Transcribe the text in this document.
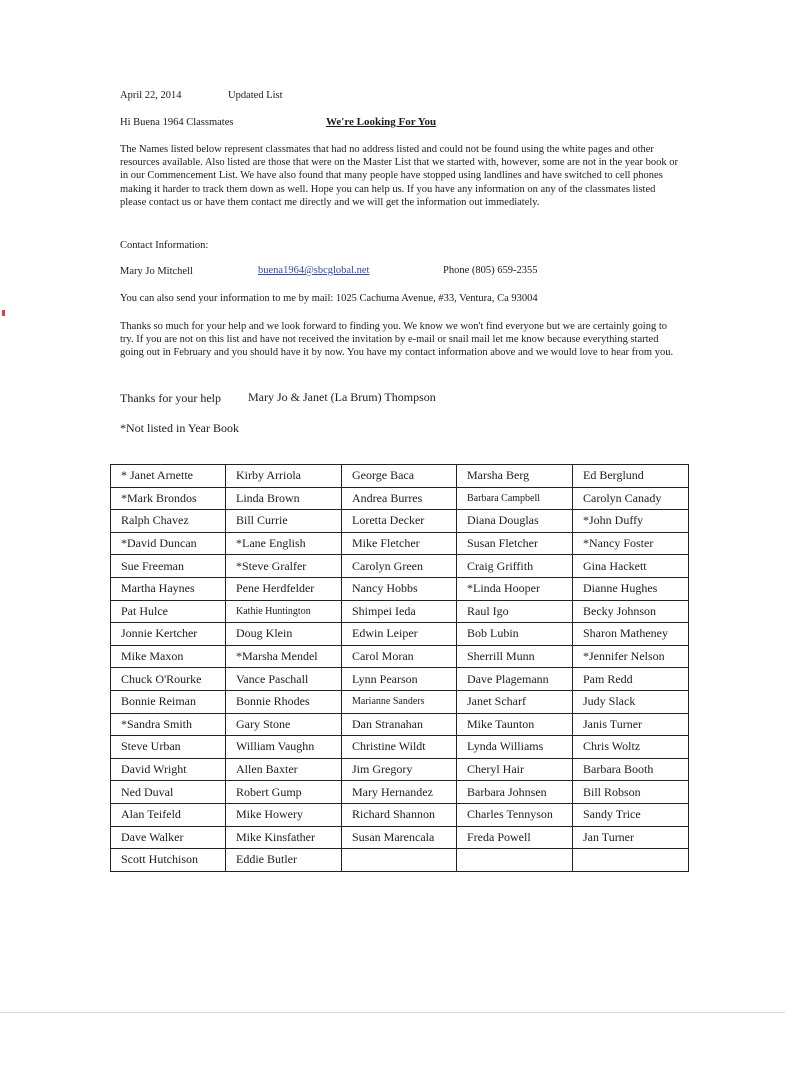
April 22, 2014	Updated List
Hi Buena 1964 Classmates	We're Looking For You
The Names listed below represent classmates that had no address listed and could not be found using the white pages and other resources available. Also listed are those that were on the Master List that we started with, however, some are not in the year book or in our Commencement List. We have also found that many people have stopped using landlines and have switched to cell phones making it harder to track them down as well. Hope you can help us. If you have any information on any of the classmates listed please contact us or have them contact me directly and we will get the information out immediately.
Contact Information:
Mary Jo Mitchell	buena1964@sbcglobal.net	Phone (805) 659-2355
You can also send your information to me by mail: 1025 Cachuma Avenue, #33, Ventura, Ca 93004
Thanks so much for your help and we look forward to finding you. We know we won't find everyone but we are certainly going to try. If you are not on this list and have not received the invitation by e-mail or snail mail let me know because everything started going out in February and you should have it by now. You have my contact information above and we would love to hear from you.
Thanks for your help Mary Jo & Janet (La Brum) Thompson
*Not listed in Year Book
* Janet Arnette	Kirby Arriola	George Baca	Marsha Berg	Ed Berglund
*Mark Brondos	Linda Brown	Andrea Burres	Barbara Campbell	Carolyn Canady
Ralph Chavez	Bill Currie	Loretta Decker	Diana Douglas	*John Duffy
*David Duncan	*Lane English	Mike Fletcher	Susan Fletcher	*Nancy Foster
Sue Freeman	*Steve Gralfer	Carolyn Green	Craig Griffith	Gina Hackett
Martha Haynes	Pene Herdfelder	Nancy Hobbs	*Linda Hooper	Dianne Hughes
Pat Hulce	Kathie Huntington	Shimpei Ieda	Raul Igo	Becky Johnson
Jonnie Kertcher	Doug Klein	Edwin Leiper	Bob Lubin	Sharon Matheney
Mike Maxon	*Marsha Mendel	Carol Moran	Sherrill Munn	*Jennifer Nelson
Chuck O'Rourke	Vance Paschall	Lynn Pearson	Dave Plagemann	Pam Redd
Bonnie Reiman	Bonnie Rhodes	Marianne Sanders	Janet Scharf	Judy Slack
*Sandra Smith	Gary Stone	Dan Stranahan	Mike Taunton	Janis Turner
Steve Urban	William Vaughn	Christine Wildt	Lynda Williams	Chris Woltz
David Wright	Allen Baxter	Jim Gregory	Cheryl Hair	Barbara Booth
Ned Duval	Robert Gump	Mary Hernandez	Barbara Johnsen	Bill Robson
Alan Teifeld	Mike Howery	Richard Shannon	Charles Tennyson	Sandy Trice
Dave Walker	Mike Kinsfather	Susan Marencala	Freda Powell	Jan Turner
Scott Hutchison	Eddie Butler			
